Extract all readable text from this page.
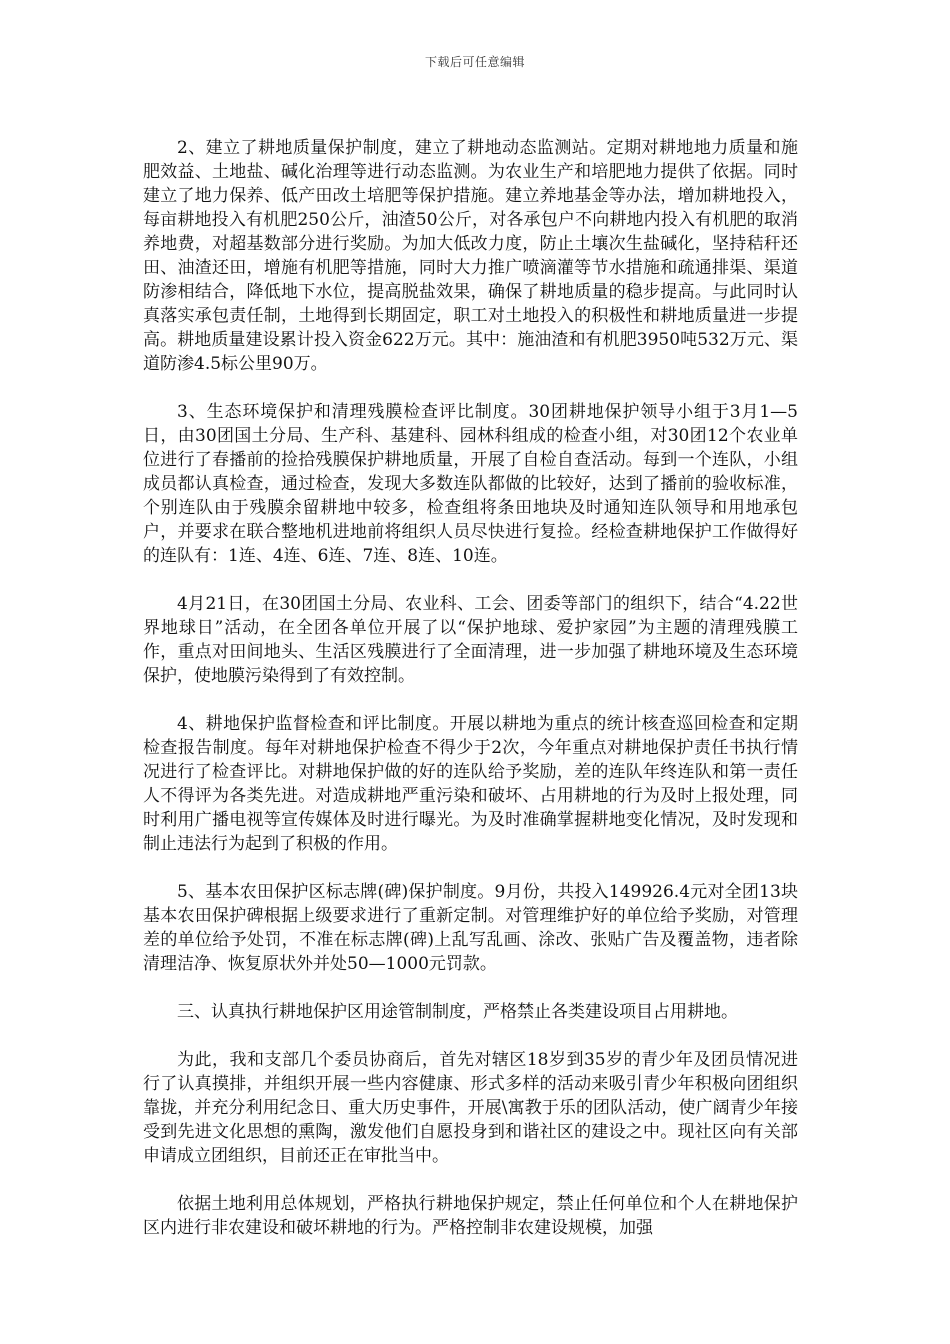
下载后可任意编辑

2、建立了耕地质量保护制度，建立了耕地动态监测站。定期对耕地地力质量和施肥效益、土地盐、碱化治理等进行动态监测。为农业生产和培肥地力提供了依据。同时建立了地力保养、低产田改土培肥等保护措施。建立养地基金等办法，增加耕地投入，每亩耕地投入有机肥250公斤，油渣50公斤，对各承包户不向耕地内投入有机肥的取消养地费，对超基数部分进行奖励。为加大低改力度，防止土壤次生盐碱化，坚持秸秆还田、油渣还田，增施有机肥等措施，同时大力推广喷滴灌等节水措施和疏通排渠、渠道防渗相结合，降低地下水位，提高脱盐效果，确保了耕地质量的稳步提高。与此同时认真落实承包责任制，土地得到长期固定，职工对土地投入的积极性和耕地质量进一步提高。耕地质量建设累计投入资金622万元。其中：施油渣和有机肥3950吨532万元、渠道防渗4.5标公里90万。

3、生态环境保护和清理残膜检查评比制度。30团耕地保护领导小组于3月1—5日，由30团国土分局、生产科、基建科、园林科组成的检查小组，对30团12个农业单位进行了春播前的捡拾残膜保护耕地质量，开展了自检自查活动。每到一个连队，小组成员都认真检查，通过检查，发现大多数连队都做的比较好，达到了播前的验收标准，个别连队由于残膜余留耕地中较多，检查组将条田地块及时通知连队领导和用地承包户，并要求在联合整地机进地前将组织人员尽快进行复捡。经检查耕地保护工作做得好的连队有：1连、4连、6连、7连、8连、10连。

4月21日，在30团国土分局、农业科、工会、团委等部门的组织下，结合“4.22世界地球日”活动，在全团各单位开展了以“保护地球、爱护家园”为主题的清理残膜工作，重点对田间地头、生活区残膜进行了全面清理，进一步加强了耕地环境及生态环境保护，使地膜污染得到了有效控制。

4、耕地保护监督检查和评比制度。开展以耕地为重点的统计核查巡回检查和定期检查报告制度。每年对耕地保护检查不得少于2次，今年重点对耕地保护责任书执行情况进行了检查评比。对耕地保护做的好的连队给予奖励，差的连队年终连队和第一责任人不得评为各类先进。对造成耕地严重污染和破坏、占用耕地的行为及时上报处理，同时利用广播电视等宣传媒体及时进行曝光。为及时准确掌握耕地变化情况，及时发现和制止违法行为起到了积极的作用。

5、基本农田保护区标志牌(碑)保护制度。9月份，共投入149926.4元对全团13块基本农田保护碑根据上级要求进行了重新定制。对管理维护好的单位给予奖励，对管理差的单位给予处罚，不准在标志牌(碑)上乱写乱画、涂改、张贴广告及覆盖物，违者除清理洁净、恢复原状外并处50—1000元罚款。

三、认真执行耕地保护区用途管制制度，严格禁止各类建设项目占用耕地。

为此，我和支部几个委员协商后，首先对辖区18岁到35岁的青少年及团员情况进行了认真摸排，并组织开展一些内容健康、形式多样的活动来吸引青少年积极向团组织靠拢，并充分利用纪念日、重大历史事件，开展\寓教于乐的团队活动，使广阔青少年接受到先进文化思想的熏陶，激发他们自愿投身到和谐社区的建设之中。现社区向有关部申请成立团组织，目前还正在审批当中。

依据土地利用总体规划，严格执行耕地保护规定，禁止任何单位和个人在耕地保护区内进行非农建设和破坏耕地的行为。严格控制非农建设规模，加强
